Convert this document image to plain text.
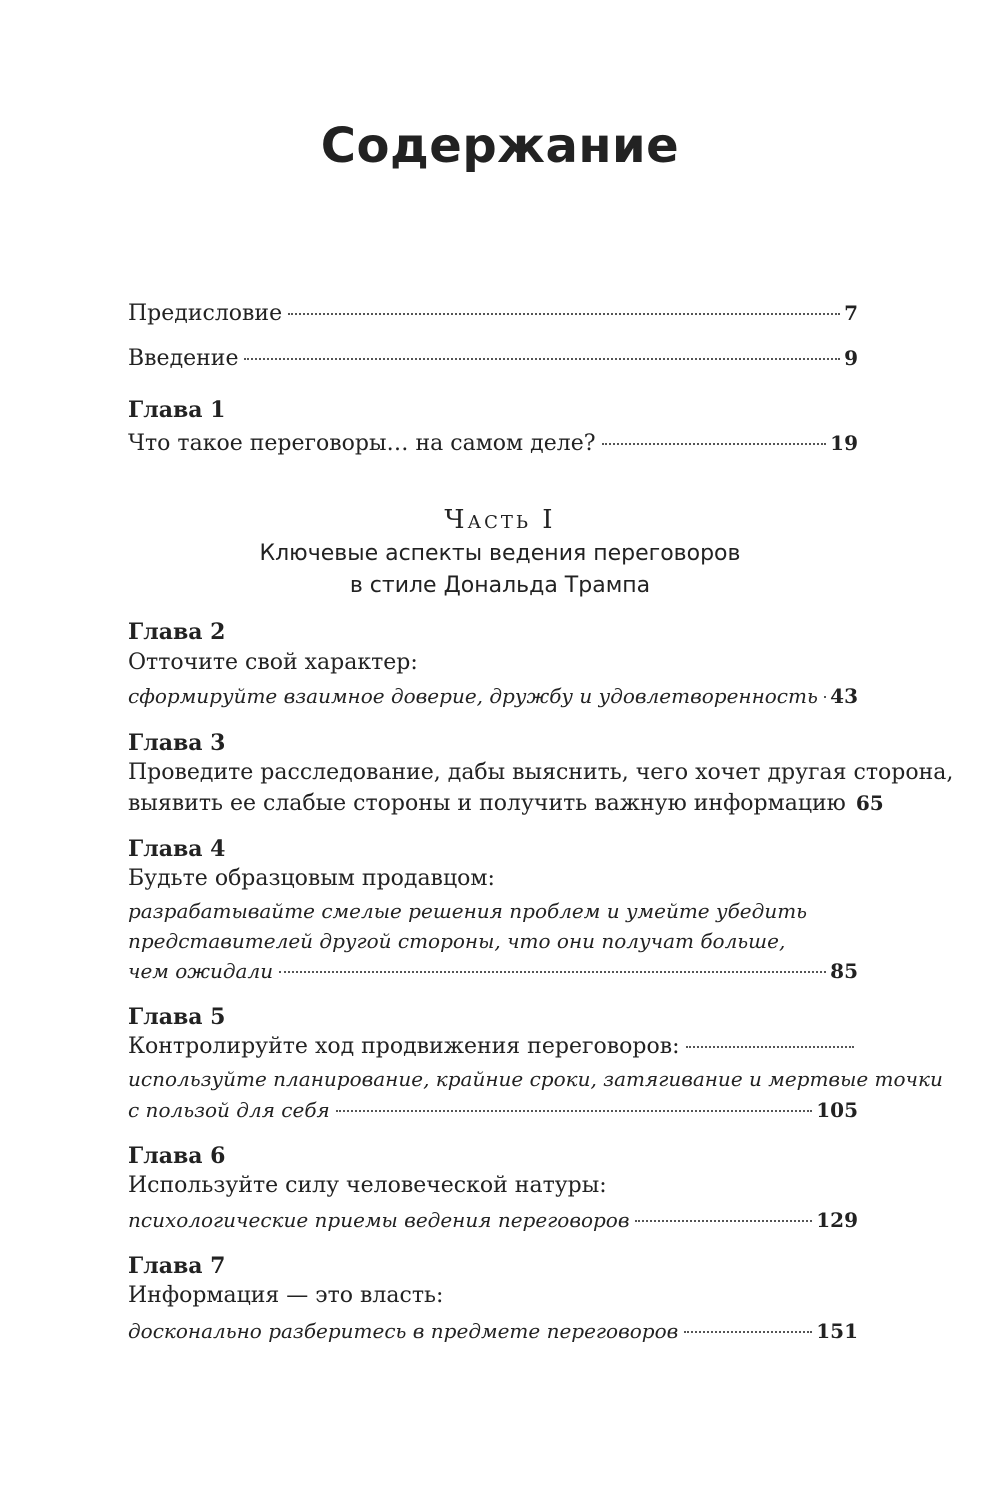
Содержание
Предисловие	7
Введение	9
Глава 1
Что такое переговоры… на самом деле?	19
Часть I
Ключевые аспекты ведения переговоров
в стиле Дональда Трампа
Глава 2
Отточите свой характер:
сформируйте взаимное доверие, дружбу и удовлетворенность 43
Глава 3
Проведите расследование, дабы выяснить, чего хочет другая сторона,
выявить ее слабые стороны и получить важную информацию 65
Глава 4
Будьте образцовым продавцом:
разрабатывайте смелые решения проблем и умейте убедить
представителей другой стороны, что они получат больше,
чем ожидали	85
Глава 5
Контролируйте ход продвижения переговоров:
используйте планирование, крайние сроки, затягивание и мертвые точки
с пользой для себя	105
Глава 6
Используйте силу человеческой натуры:
психологические приемы ведения переговоров	129
Глава 7
Информация — это власть:
досконально разберитесь в предмете переговоров	151
